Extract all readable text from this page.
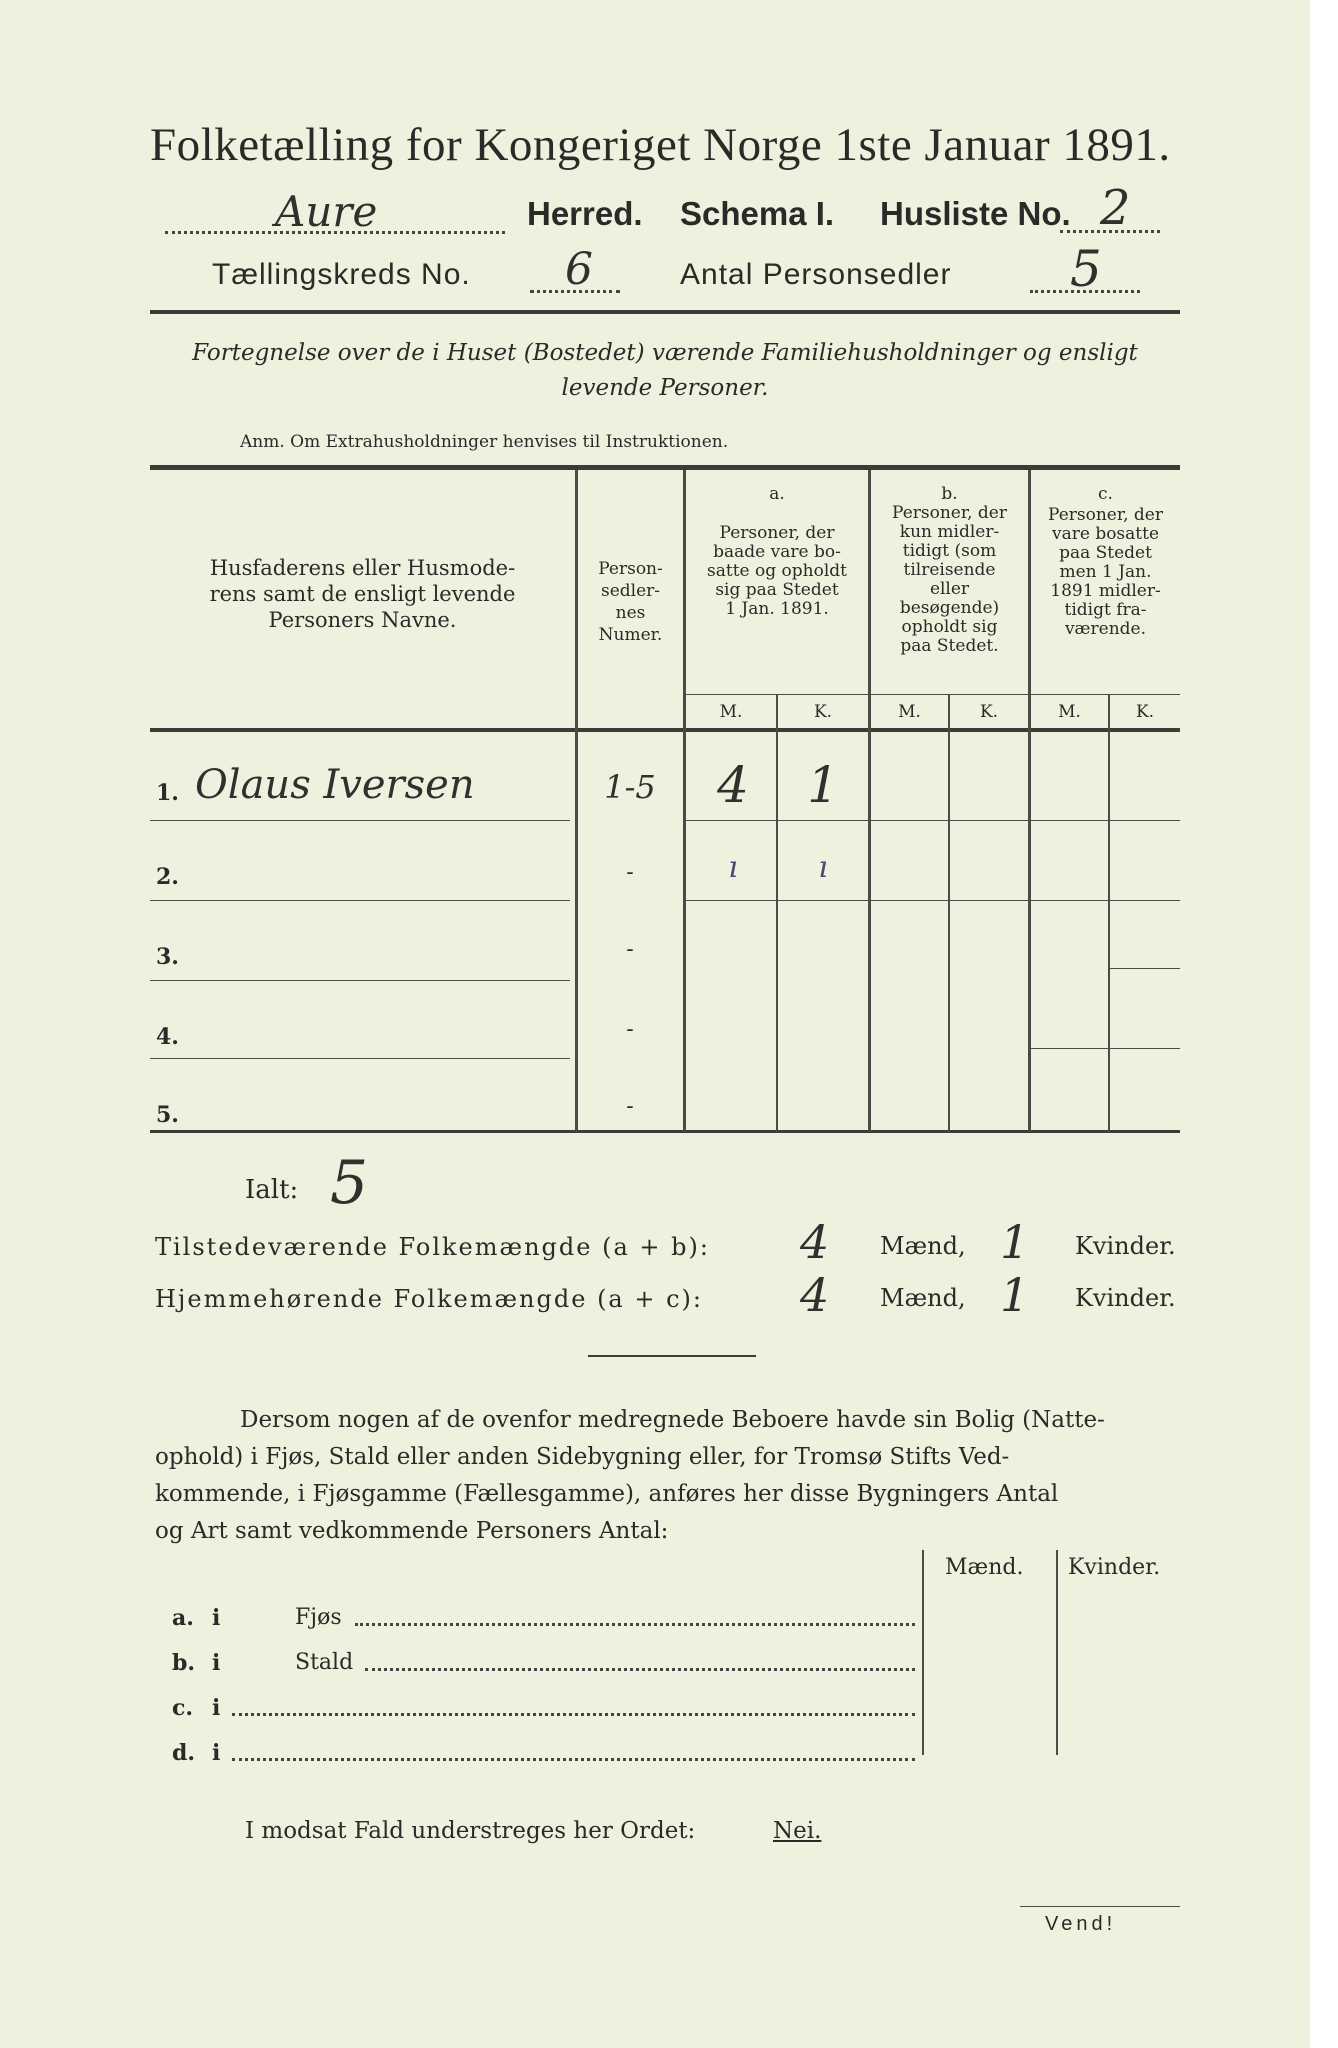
Folketælling for Kongeriget Norge 1ste Januar 1891.
Aure	Herred. Schema I. Husliste No. 2
Tællingskreds No. 6	Antal Personsedler 5
Fortegnelse over de i Huset (Bostedet) værende Familiehusholdninger og ensligt
levende Personer.
Anm. Om Extrahusholdninger henvises til Instruktionen.
Husfaderens eller Husmode-
rens samt de ensligt levende
Personers Navne.
Person-
sedler-
nes
Numer.
a.
Personer, der
baade vare bo-
satte og opholdt
sig paa Stedet
1 Jan. 1891.
b.
Personer, der
kun midler-
tidigt (som
tilreisende
eller
besøgende)
opholdt sig
paa Stedet.
c.
Personer, der
vare bosatte
paa Stedet
men 1 Jan.
1891 midler-
tidigt fra-
værende.
M.	K.	M.	K.	M.	K.
1. Olaus Iversen	1-5	4	1
2.	-	ı	ı
3.	-
4.	-
5.	-
Ialt: 5
Tilstedeværende Folkemængde (a + b): 4 Mænd, 1 Kvinder.
Hjemmehørende Folkemængde (a + c): 4 Mænd, 1 Kvinder.
Dersom nogen af de ovenfor medregnede Beboere havde sin Bolig (Natte-
ophold) i Fjøs, Stald eller anden Sidebygning eller, for Tromsø Stifts Ved-
kommende, i Fjøsgamme (Fællesgamme), anføres her disse Bygningers Antal
og Art samt vedkommende Personers Antal:
Mænd. Kvinder.
a. i	Fjøs
b. i	Stald
c. i
d. i
I modsat Fald understreges her Ordet:	Nei.
Vend!
